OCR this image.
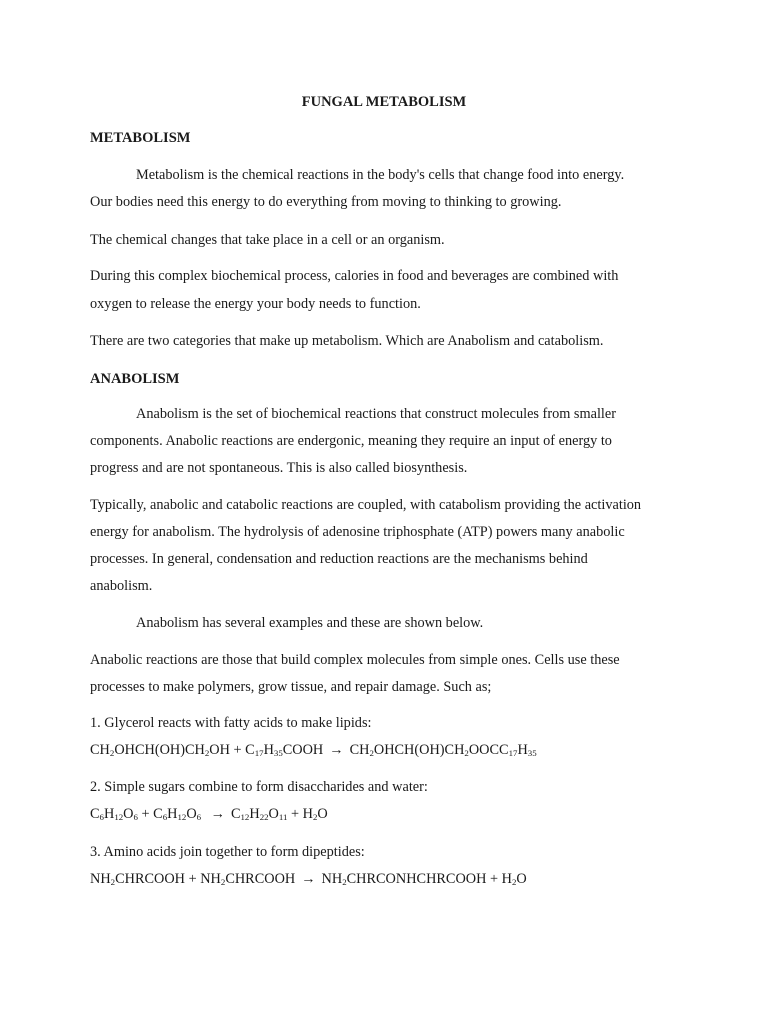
FUNGAL METABOLISM
METABOLISM
Metabolism is the chemical reactions in the body's cells that change food into energy.
Our bodies need this energy to do everything from moving to thinking to growing.
The chemical changes that take place in a cell or an organism.
During this complex biochemical process, calories in food and beverages are combined with
oxygen to release the energy your body needs to function.
There are two categories that make up metabolism. Which are Anabolism and catabolism.
ANABOLISM
Anabolism is the set of biochemical reactions that construct molecules from smaller
components. Anabolic reactions are endergonic, meaning they require an input of energy to
progress and are not spontaneous. This is also called biosynthesis.
Typically, anabolic and catabolic reactions are coupled, with catabolism providing the activation
energy for anabolism. The hydrolysis of adenosine triphosphate (ATP) powers many anabolic
processes. In general, condensation and reduction reactions are the mechanisms behind
anabolism.
Anabolism has several examples and these are shown below.
Anabolic reactions are those that build complex molecules from simple ones. Cells use these
processes to make polymers, grow tissue, and repair damage. Such as;
1. Glycerol reacts with fatty acids to make lipids:
$CH_2OHCH(OH)CH_2OH$ + $C_{17}H_{35}COOH$ → $CH_2OHCH(OH)CH_2OOCC_{17}H_{35}$
2. Simple sugars combine to form disaccharides and water:
$C_6H_{12}O_6 + C_6H_{12}O_6 \to C_{12}H_{22}O_{11} + H_2O$
3. Amino acids join together to form dipeptides:
$NH_2CHRCOOH$ + $NH_2CHRCOOH$ → $NH_2CHRCONHCHRCOOH + H_2O$
